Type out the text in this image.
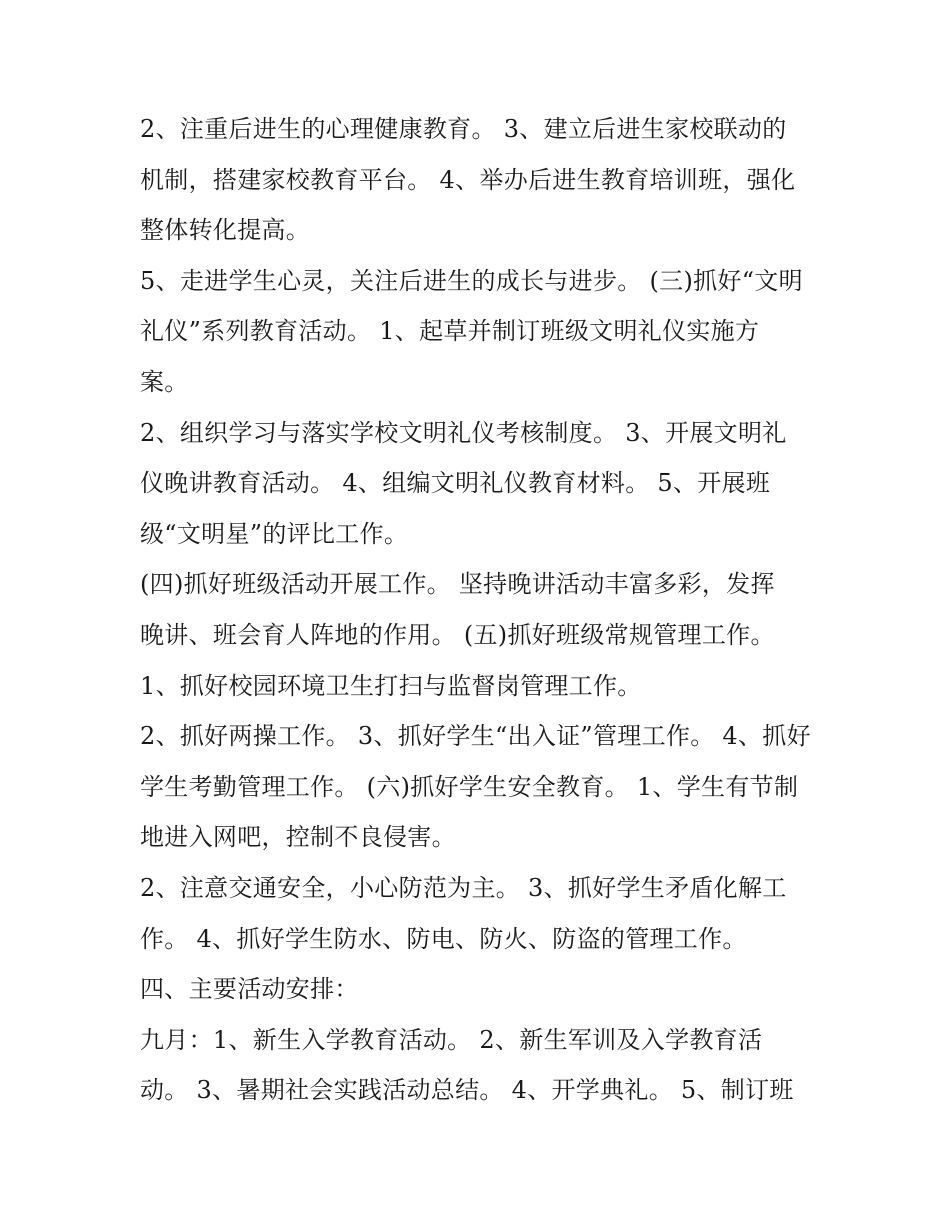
2、注重后进生的心理健康教育。 3、建立后进生家校联动的
机制，搭建家校教育平台。 4、举办后进生教育培训班，强化
整体转化提高。
5、走进学生心灵，关注后进生的成长与进步。 (三)抓好“文明
礼仪”系列教育活动。 1、起草并制订班级文明礼仪实施方
案。
2、组织学习与落实学校文明礼仪考核制度。 3、开展文明礼
仪晚讲教育活动。 4、组编文明礼仪教育材料。 5、开展班
级“文明星”的评比工作。
(四)抓好班级活动开展工作。 坚持晚讲活动丰富多彩，发挥
晚讲、班会育人阵地的作用。 (五)抓好班级常规管理工作。
1、抓好校园环境卫生打扫与监督岗管理工作。
2、抓好两操工作。 3、抓好学生“出入证”管理工作。 4、抓好
学生考勤管理工作。 (六)抓好学生安全教育。 1、学生有节制
地进入网吧，控制不良侵害。
2、注意交通安全，小心防范为主。 3、抓好学生矛盾化解工
作。 4、抓好学生防水、防电、防火、防盗的管理工作。
四、主要活动安排：
九月：1、新生入学教育活动。 2、新生军训及入学教育活
动。 3、暑期社会实践活动总结。 4、开学典礼。 5、制订班
